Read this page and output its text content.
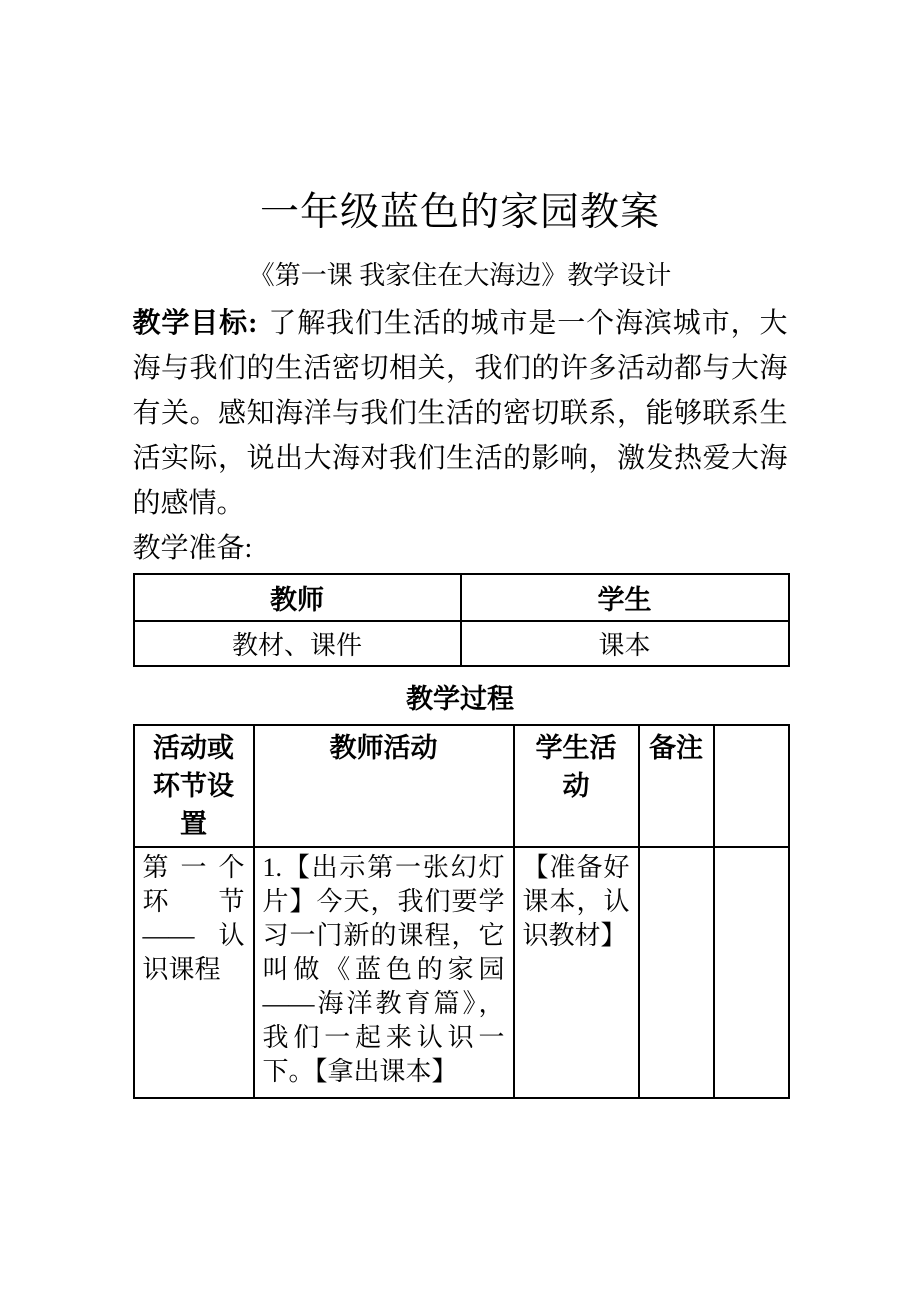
一年级蓝色的家园教案
《第一课 我家住在大海边》教学设计

教学目标: 了解我们生活的城市是一个海滨城市，大海与我们的生活密切相关，我们的许多活动都与大海有关。感知海洋与我们生活的密切联系，能够联系生活实际，说出大海对我们生活的影响，激发热爱大海的感情。

教学准备:
教师	学生
教材、课件	课本
教学过程
活动或环节设置	教师活动	学生活动	备注	
第一个环节——认识课程	1.【出示第一张幻灯片】今天，我们要学习一门新的课程，它叫做《蓝色的家园——海洋教育篇》，我们一起来认识一下。【拿出课本】	【准备好课本，认识教材】		
